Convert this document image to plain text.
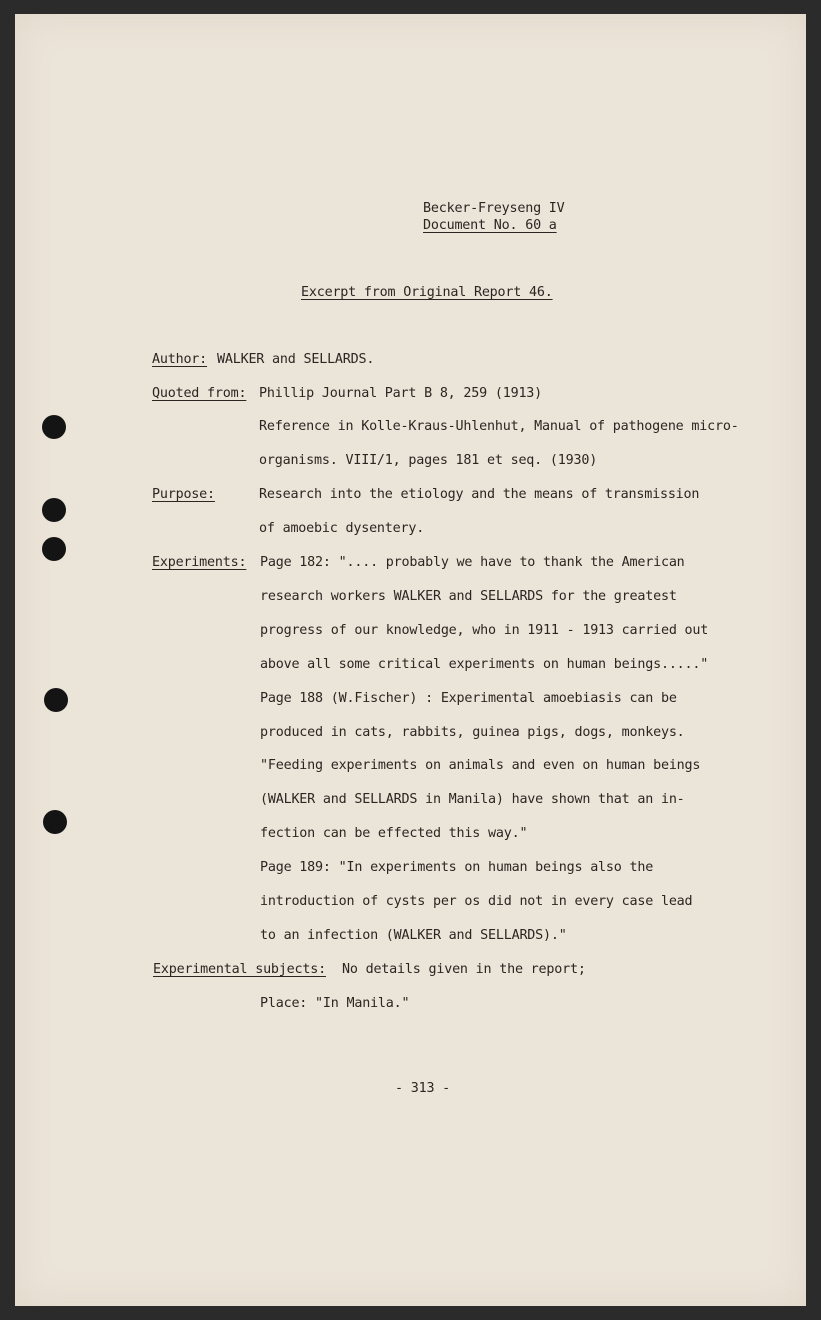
Becker-Freyseng IV
Document No. 60 a
Excerpt from Original Report 46.
Author: WALKER and SELLARDS.
Quoted from: Phillip Journal Part B 8, 259 (1913)
Reference in Kolle-Kraus-Uhlenhut, Manual of pathogene micro-
organisms. VIII/1, pages 181 et seq. (1930)
Purpose:	Research into the etiology and the means of transmission
of amoebic dysentery.
Experiments: Page 182: ".... probably we have to thank the American
research workers WALKER and SELLARDS for the greatest
progress of our knowledge, who in 1911 - 1913 carried out
above all some critical experiments on human beings....."
Page 188 (W.Fischer) : Experimental amoebiasis can be
produced in cats, rabbits, guinea pigs, dogs, monkeys.
"Feeding experiments on animals and even on human beings
(WALKER and SELLARDS in Manila) have shown that an in-
fection can be effected this way."
Page 189: "In experiments on human beings also the
introduction of cysts per os did not in every case lead
to an infection (WALKER and SELLARDS)."
Experimental subjects: No details given in the report;
Place: "In Manila."
- 313 -
